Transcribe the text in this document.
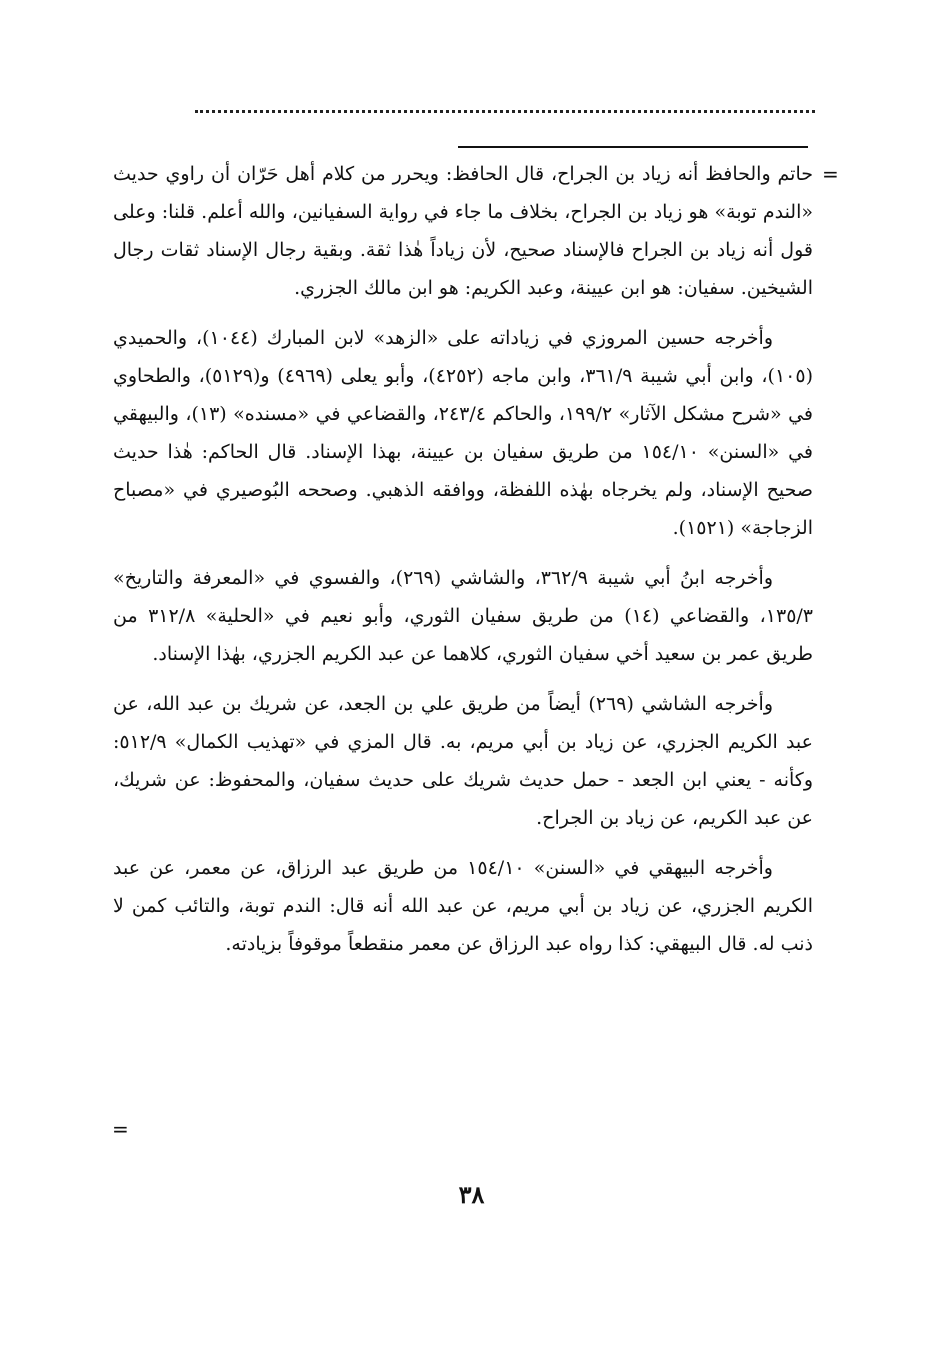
=

حاتم والحافظ أنه زياد بن الجراح، قال الحافظ: ويحرر من كلام أهل حَرّان أن راوي حديث «الندم توبة» هو زياد بن الجراح، بخلاف ما جاء في رواية السفيانين، والله أعلم. قلنا: وعلى قول أنه زياد بن الجراح فالإسناد صحيح، لأن زياداً هٰذا ثقة. وبقية رجال الإسناد ثقات رجال الشيخين. سفيان: هو ابن عيينة، وعبد الكريم: هو ابن مالك الجزري.

وأخرجه حسين المروزي في زياداته على «الزهد» لابن المبارك (١٠٤٤)، والحميدي (١٠٥)، وابن أبي شيبة ٣٦١/٩، وابن ماجه (٤٢٥٢)، وأبو يعلى (٤٩٦٩) و(٥١٢٩)، والطحاوي في «شرح مشكل الآثار» ١٩٩/٢، والحاكم ٢٤٣/٤، والقضاعي في «مسنده» (١٣)، والبيهقي في «السنن» ١٥٤/١٠ من طريق سفيان بن عيينة، بهذا الإسناد. قال الحاكم: هٰذا حديث صحيح الإسناد، ولم يخرجاه بهٰذه اللفظة، ووافقه الذهبي. وصححه البُوصيري في «مصباح الزجاجة» (١٥٢١).

وأخرجه ابنُ أبي شيبة ٣٦٢/٩، والشاشي (٢٦٩)، والفسوي في «المعرفة والتاريخ» ١٣٥/٣، والقضاعي (١٤) من طريق سفيان الثوري، وأبو نعيم في «الحلية» ٣١٢/٨ من طريق عمر بن سعيد أخي سفيان الثوري، كلاهما عن عبد الكريم الجزري، بهٰذا الإسناد.

وأخرجه الشاشي (٢٦٩) أيضاً من طريق علي بن الجعد، عن شريك بن عبد الله، عن عبد الكريم الجزري، عن زياد بن أبي مريم، به. قال المزي في «تهذيب الكمال» ٥١٢/٩: وكأنه - يعني ابن الجعد - حمل حديث شريك على حديث سفيان، والمحفوظ: عن شريك، عن عبد الكريم، عن زياد بن الجراح.

وأخرجه البيهقي في «السنن» ١٥٤/١٠ من طريق عبد الرزاق، عن معمر، عن عبد الكريم الجزري، عن زياد بن أبي مريم، عن عبد الله أنه قال: الندم توبة، والتائب كمن لا ذنب له. قال البيهقي: كذا رواه عبد الرزاق عن معمر منقطعاً موقوفاً بزيادته.

=
٣٨
